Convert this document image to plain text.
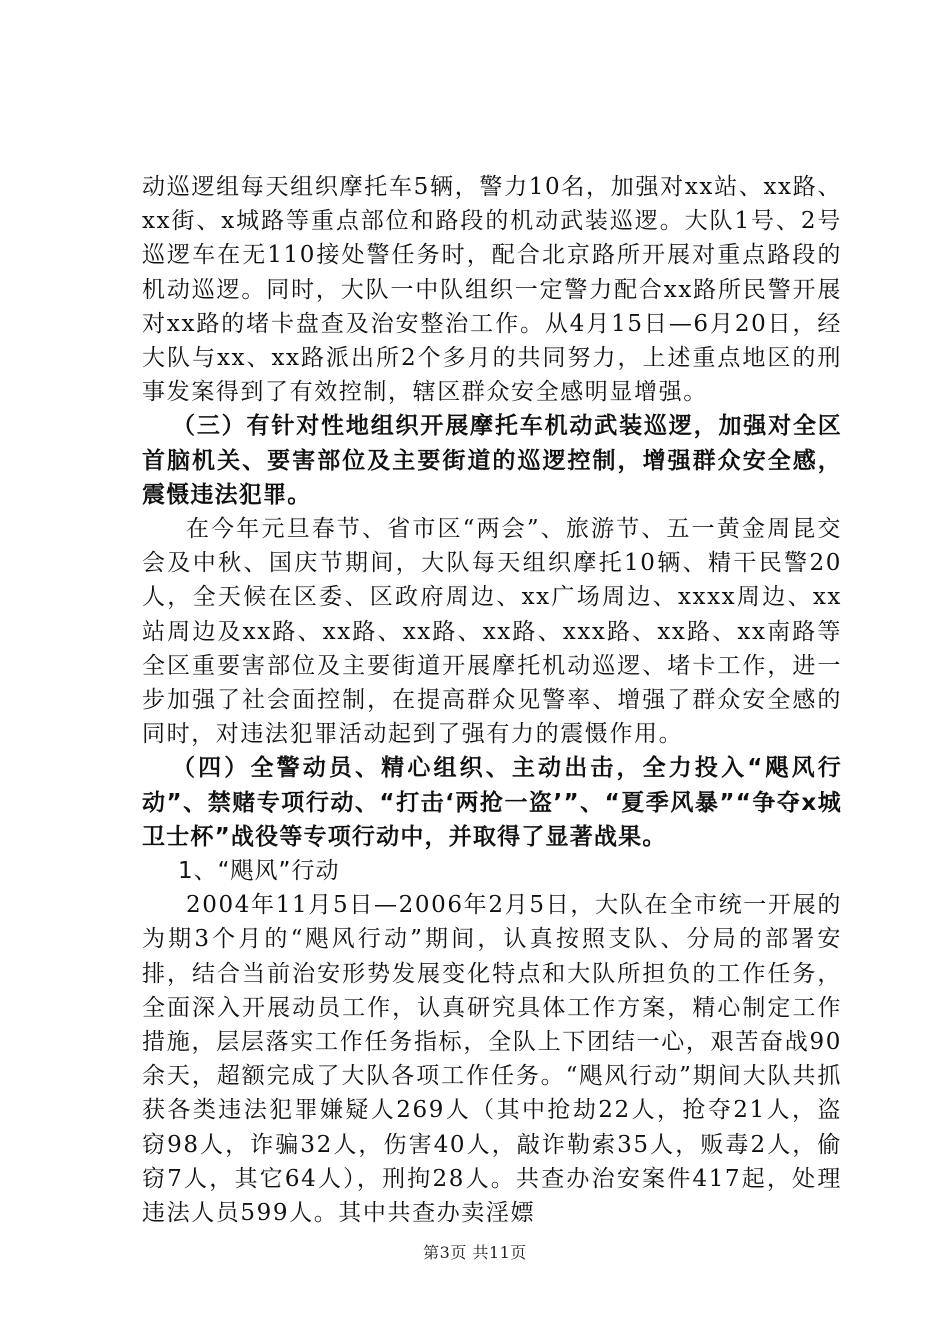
动巡逻组每天组织摩托车5辆，警力10名，加强对xx站、xx路、xx街、x城路等重点部位和路段的机动武装巡逻。大队1号、2号巡逻车在无110接处警任务时，配合北京路所开展对重点路段的机动巡逻。同时，大队一中队组织一定警力配合xx路所民警开展对xx路的堵卡盘查及治安整治工作。从4月15日—6月20日，经大队与xx、xx路派出所2个多月的共同努力，上述重点地区的刑事发案得到了有效控制，辖区群众安全感明显增强。

（三）有针对性地组织开展摩托车机动武装巡逻，加强对全区首脑机关、要害部位及主要街道的巡逻控制，增强群众安全感，震慑违法犯罪。

在今年元旦春节、省市区“两会”、旅游节、五一黄金周昆交会及中秋、国庆节期间，大队每天组织摩托10辆、精干民警20人，全天候在区委、区政府周边、xx广场周边、xxxx周边、xx站周边及xx路、xx路、xx路、xx路、xxx路、xx路、xx南路等全区重要害部位及主要街道开展摩托机动巡逻、堵卡工作，进一步加强了社会面控制，在提高群众见警率、增强了群众安全感的同时，对违法犯罪活动起到了强有力的震慑作用。

（四）全警动员、精心组织、主动出击，全力投入“飓风行动”、禁赌专项行动、“打击‘两抢一盗’”、“夏季风暴”“争夺x城卫士杯”战役等专项行动中，并取得了显著战果。

1、“飓风”行动

2004年11月5日—2006年2月5日，大队在全市统一开展的为期3个月的“飓风行动”期间，认真按照支队、分局的部署安排，结合当前治安形势发展变化特点和大队所担负的工作任务，全面深入开展动员工作，认真研究具体工作方案，精心制定工作措施，层层落实工作任务指标，全队上下团结一心，艰苦奋战90余天，超额完成了大队各项工作任务。“飓风行动”期间大队共抓获各类违法犯罪嫌疑人269人（其中抢劫22人，抢夺21人，盗窃98人，诈骗32人，伤害40人，敲诈勒索35人，贩毒2人，偷窃7人，其它64人），刑拘28人。共查办治安案件417起，处理违法人员599人。其中共查办卖淫嫖

第3页 共11页
